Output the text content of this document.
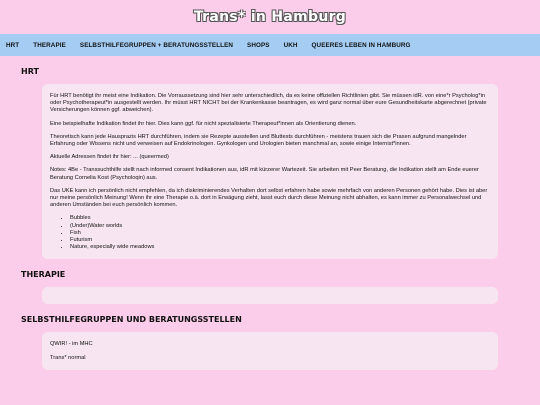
Trans* in Hamburg
HRT THERAPIE SELBSTHILFEGRUPPEN + BERATUNGSSTELLEN SHOPS UKH QUEERES LEBEN IN HAMBURG
HRT

Für HRT benötigt ihr meist eine Indikation. Die Vorraussetzung sind hier sehr unterschiedlich, da es keine offiziellen Richtlinien gibt. Sie müssen idR. von eine*r Psycholog*in oder Psychotherapeut*in ausgestellt werden. Ihr müsst HRT NICHT bei der Krankenkasse beantragen, es wird ganz normal über eure Gesundheitskarte abgerechnet (private Versicherungen können ggf. abweichen).

Eine beispielhafte Indikation findet ihr hier. Dies kann ggf. für nicht spezialisierte Therapeut*innen als Orientierung dienen.

Theoretisch kann jede Hausprazis HRT durchführen, indem sie Rezepte ausstellen und Bluttests durchführen - meistens trauen sich die Praxen aufgrund mangelnder Erfahrung oder Wissens nicht und verweisen auf Endokrinologen. Gynkologen und Urologien bieten manchmal an, sowie einige Internist*innen.

Aktuelle Adressen findet ihr hier: ... (queermed)

Notes: 4Be - Transsuchthilfe stellt nach informed consent Indikationen aus, idR mit kürzerer Wartezeit. Sie arbeiten mit Peer Beratung, die Indikation stellt am Ende euerer Beratung Cornelia Kost (Psycholoqin) aus.

Das UKE kann ich persönlich nicht empfehlen, da ich diskriminierendes Verhalten dort selbst erfahren habe sowie mehrfach von anderen Personen gehört habe. Dies ist aber nur meine persönlich Meinung! Wenn ihr eine Therapie o.ä. dort in Erwägung zieht, lasst euch durch diese Meinung nicht abhalten, es kann immer zu Personalwechsel und anderen Umständen bei euch persönlich kommen.

• Bubbles
• (Under)Water worlds
• Fish
• Futurism
• Nature, especially wide meadows
THERAPIE
SELBSTHILFEGRUPPEN UND BERATUNGSSTELLEN

QWIR! - im MHC

Trans* normal
